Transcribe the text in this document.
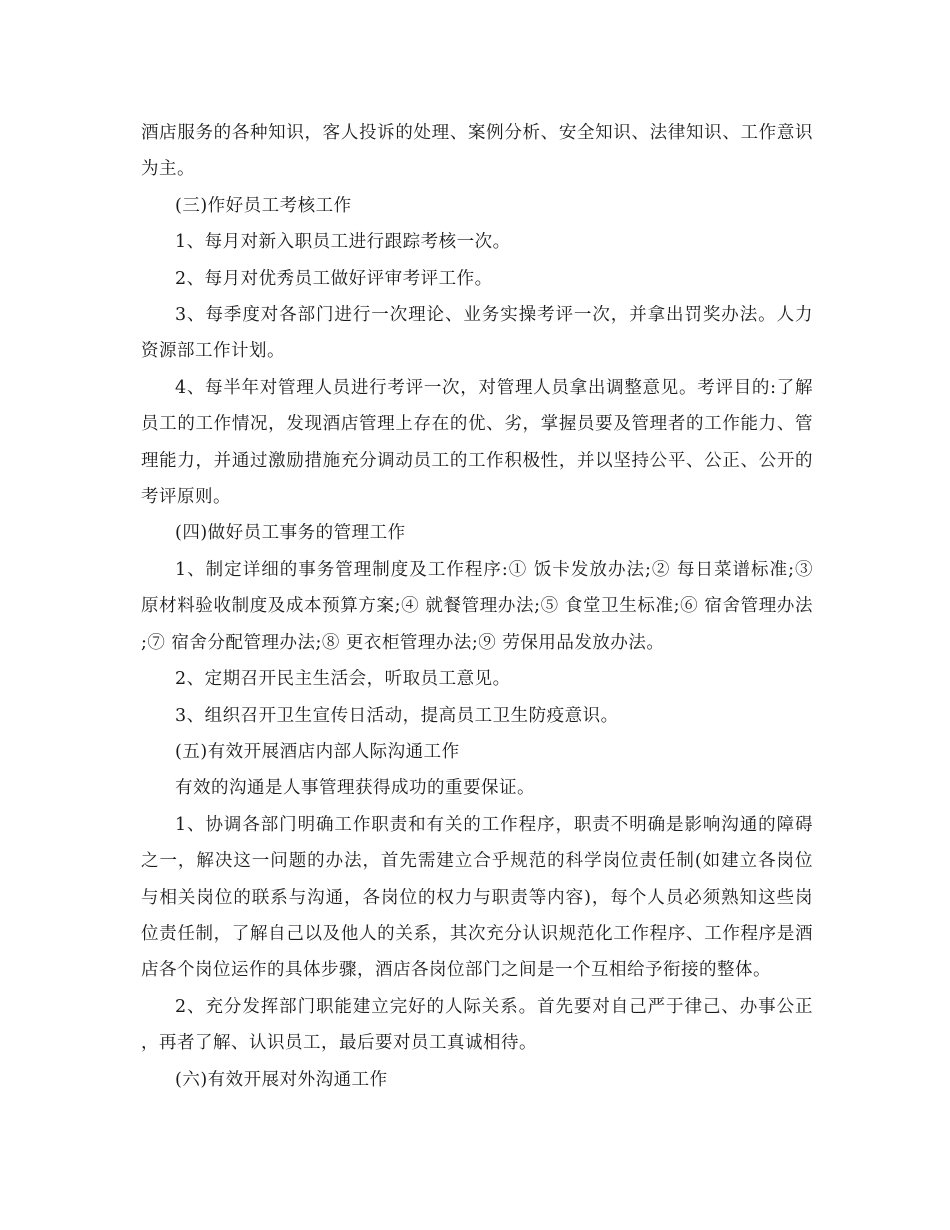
酒店服务的各种知识，客人投诉的处理、案例分析、安全知识、法律知识、工作意识为主。

(三)作好员工考核工作

1、每月对新入职员工进行跟踪考核一次。

2、每月对优秀员工做好评审考评工作。

3、每季度对各部门进行一次理论、业务实操考评一次，并拿出罚奖办法。人力资源部工作计划。

4、每半年对管理人员进行考评一次，对管理人员拿出调整意见。考评目的:了解员工的工作情况，发现酒店管理上存在的优、劣，掌握员要及管理者的工作能力、管理能力，并通过激励措施充分调动员工的工作积极性，并以坚持公平、公正、公开的考评原则。

(四)做好员工事务的管理工作

1、制定详细的事务管理制度及工作程序:① 饭卡发放办法;② 每日菜谱标准;③ 原材料验收制度及成本预算方案;④ 就餐管理办法;⑤ 食堂卫生标准;⑥ 宿舍管理办法;⑦ 宿舍分配管理办法;⑧ 更衣柜管理办法;⑨ 劳保用品发放办法。

2、定期召开民主生活会，听取员工意见。

3、组织召开卫生宣传日活动，提高员工卫生防疫意识。

(五)有效开展酒店内部人际沟通工作

有效的沟通是人事管理获得成功的重要保证。

1、协调各部门明确工作职责和有关的工作程序，职责不明确是影响沟通的障碍之一，解决这一问题的办法，首先需建立合乎规范的科学岗位责任制(如建立各岗位与相关岗位的联系与沟通，各岗位的权力与职责等内容)，每个人员必须熟知这些岗位责任制，了解自己以及他人的关系，其次充分认识规范化工作程序、工作程序是酒店各个岗位运作的具体步骤，酒店各岗位部门之间是一个互相给予衔接的整体。

2、充分发挥部门职能建立完好的人际关系。首先要对自己严于律己、办事公正，再者了解、认识员工，最后要对员工真诚相待。

(六)有效开展对外沟通工作
